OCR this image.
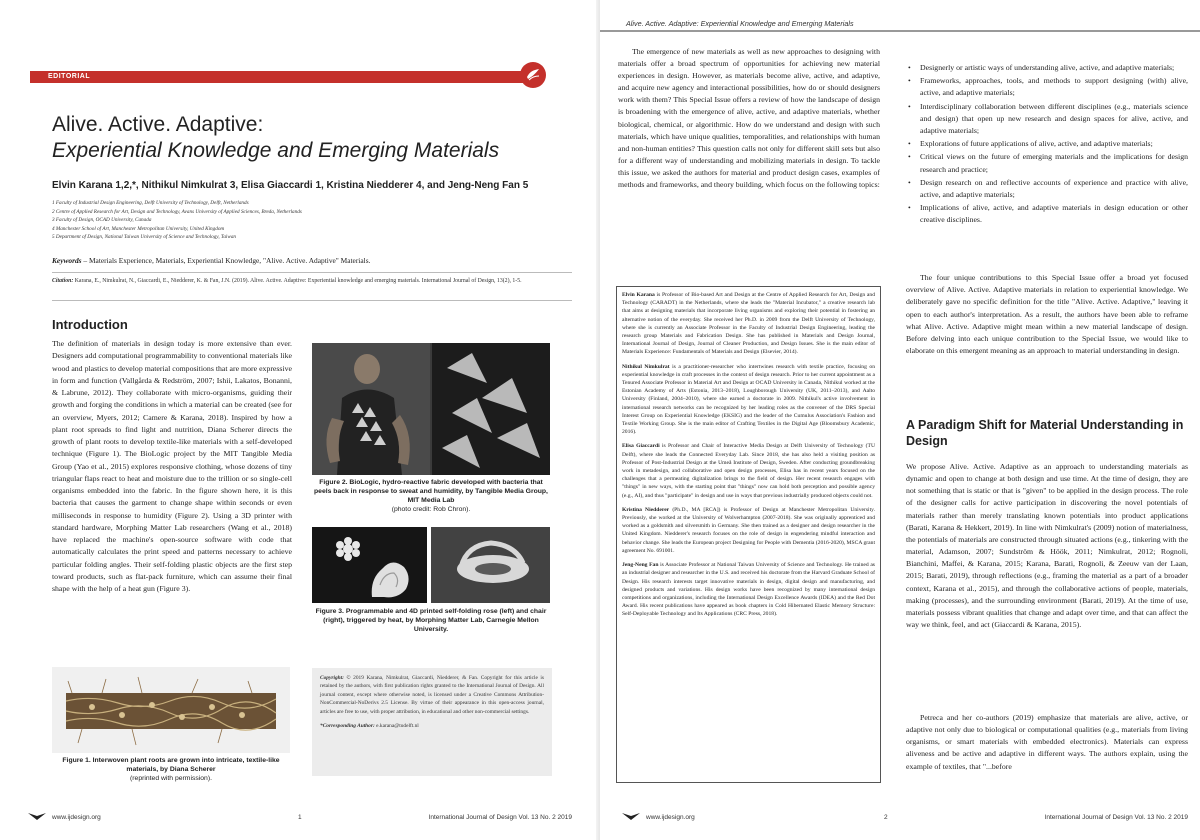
EDITORIAL
Alive. Active. Adaptive:
Experiential Knowledge and Emerging Materials
Elvin Karana 1,2,*, Nithikul Nimkulrat 3, Elisa Giaccardi 1, Kristina Niedderer 4, and Jeng-Neng Fan 5
1 Faculty of Industrial Design Engineering, Delft University of Technology, Delft, Netherlands
2 Centre of Applied Research for Art, Design and Technology, Avans University of Applied Sciences, Breda, Netherlands
3 Faculty of Design, OCAD University, Canada
4 Manchester School of Art, Manchester Metropolitan University, United Kingdom
5 Department of Design, National Taiwan University of Science and Technology, Taiwan
Keywords – Materials Experience, Materials, Experiential Knowledge, "Alive. Active. Adaptive" Materials.
Citation: Karana, E., Nimkulrat, N., Giaccardi, E., Niedderer, K. & Fan, J.N. (2019). Alive. Active. Adaptive: Experiential knowledge and emerging materials. International Journal of Design, 13(2), 1-5.
Introduction
The definition of materials in design today is more extensive than ever. Designers add computational programmability to conventional materials like wood and plastics to develop material compositions that are more expressive in form and function (Vallgårda & Redström, 2007; Ishii, Lakatos, Bonanni, & Labrune, 2012). They collaborate with micro-organisms, guiding their growth and forging the conditions in which a material can be created (see for an overview, Myers, 2012; Camere & Karana, 2018). Inspired by how a plant root spreads to find light and nutrition, Diana Scherer directs the growth of plant roots to develop textile-like materials with a self-developed technique (Figure 1). The BioLogic project by the MIT Tangible Media Group (Yao et al., 2015) explores responsive clothing, whose dozens of tiny triangular flaps react to heat and moisture due to the trillion or so single-cell organisms embedded into the fabric. In the figure shown here, it is this bacteria that causes the garment to change shape within seconds or even milliseconds in response to humidity (Figure 2). Using a 3D printer with standard hardware, Morphing Matter Lab researchers (Wang et al., 2018) have replaced the machine's open-source software with code that automatically calculates the print speed and patterns necessary to achieve particular folding angles. Their self-folding plastic objects are the first step toward products, such as flat-pack furniture, which can assume their final shape with the help of a heat gun (Figure 3).
Figure 2. BioLogic, hydro-reactive fabric developed with bacteria that peels back in response to sweat and humidity, by Tangible Media Group, MIT Media Lab
(photo credit: Rob Chron).
Figure 3. Programmable and 4D printed self-folding rose (left) and chair (right), triggered by heat, by Morphing Matter Lab, Carnegie Mellon University.
Figure 1. Interwoven plant roots are grown into intricate, textile-like materials, by Diana Scherer
(reprinted with permission).
Copyright: © 2019 Karana, Nimkulrat, Giaccardi, Niedderer, & Fan. Copyright for this article is retained by the authors, with first publication rights granted to the International Journal of Design. All journal content, except where otherwise noted, is licensed under a Creative Commons Attribution-NonCommercial-NoDerivs 2.5 License. By virtue of their appearance in this open-access journal, articles are free to use, with proper attribution, in educational and other non-commercial settings.
*Corresponding Author: e.karana@tudelft.nl
www.ijdesign.org	1	International Journal of Design Vol. 13 No. 2 2019
Alive. Active. Adaptive: Experiential Knowledge and Emerging Materials
The emergence of new materials as well as new approaches to designing with materials offer a broad spectrum of opportunities for achieving new material experiences in design. However, as materials become alive, active, and adaptive, and acquire new agency and interactional possibilities, how do or should designers work with them? This Special Issue offers a review of how the landscape of design is broadening with the emergence of alive, active, and adaptive materials, whether biological, chemical, or algorithmic. How do we understand and design with such materials, which have unique qualities, temporalities, and relationships with human and non-human entities? This question calls not only for different skill sets but also for a different way of understanding and mobilizing materials in design. To tackle this issue, we asked the authors for material and product design cases, examples of methods and frameworks, and theory building, which focus on the following topics:

Elvin Karana is Professor of Bio-based Art and Design at the Centre of Applied Research for Art, Design and Technology (CARADT) in the Netherlands, where she leads the "Material Incubator," a creative research lab that aims at designing materials that incorporate living organisms and exploring their potential in fostering an alternative notion of the everyday. She received her Ph.D. in 2009 from the Delft University of Technology, where she is currently an Associate Professor in the Faculty of Industrial Design Engineering, leading the research group Materials and Fabrication Design. She has published in Materials and Design Journal, International Journal of Design, Journal of Cleaner Production, and Design Issues. She is the main editor of Materials Experience: Fundamentals of Materials and Design (Elsevier, 2014).

Nithikul Nimkulrat is a practitioner-researcher who intertwines research with textile practice, focusing on experiential knowledge in craft processes in the context of design research. Prior to her current appointment as a Tenured Associate Professor in Material Art and Design at OCAD University in Canada, Nithikul worked at the Estonian Academy of Arts (Estonia, 2013–2018), Loughborough University (UK, 2011–2013), and Aalto University (Finland, 2004–2010), where she earned a doctorate in 2009. Nithikul's active involvement in international research networks can be recognized by her leading roles as the convener of the DRS Special Interest Group on Experiential Knowledge (EKSIG) and the leader of the Cumulus Association's Fashion and Textile Working Group. She is the main editor of Crafting Textiles in the Digital Age (Bloomsbury Academic, 2016).

Elisa Giaccardi is Professor and Chair of Interactive Media Design at Delft University of Technology (TU Delft), where she leads the Connected Everyday Lab. Since 2018, she has also held a visiting position as Professor of Post-Industrial Design at the Umeå Institute of Design, Sweden. After conducting groundbreaking work in metadesign, and collaborative and open design processes, Elisa has in recent years focused on the challenges that a permeating digitalization brings to the field of design. Her recent research engages with "things" in new ways, with the starting point that "things" now can hold both perception and possible agency (e.g., AI), and thus "participate" in design and use in ways that previous industrially produced objects could not.

Kristina Niedderer (Ph.D., MA [RCA]) is Professor of Design at Manchester Metropolitan University. Previously, she worked at the University of Wolverhampton (2007-2018). She was originally apprenticed and worked as a goldsmith and silversmith in Germany. She then trained as a designer and design researcher in the United Kingdom. Niedderer's research focuses on the role of design in engendering mindful interaction and behavior change. She leads the European project Designing for People with Dementia (2016-2020), MSCA grant agreement No. 691001.

Jeng-Neng Fan is Associate Professor at National Taiwan University of Science and Technology. He trained as an industrial designer and researcher in the U.S. and received his doctorate from the Harvard Graduate School of Design. His research interests target innovative materials in design, digital design and manufacturing, and designed products and variations. His design works have been recognized by many international design competitions and organizations, including the International Design Excellence Awards (IDEA) and the Red Dot Award. His recent publications have appeared as book chapters in Cold Hibernated Elastic Memory Structure: Self-Deployable Technology and Its Applications (CRC Press, 2018).

• Designerly or artistic ways of understanding alive, active, and adaptive materials;
• Frameworks, approaches, tools, and methods to support designing (with) alive, active, and adaptive materials;
• Interdisciplinary collaboration between different disciplines (e.g., materials science and design) that open up new research and design spaces for alive, active, and adaptive materials;
• Explorations of future applications of alive, active, and adaptive materials;
• Critical views on the future of emerging materials and the implications for design research and practice;
• Design research on and reflective accounts of experience and practice with alive, active, and adaptive materials;
• Implications of alive, active, and adaptive materials in design education or other creative disciplines.
The four unique contributions to this Special Issue offer a broad yet focused overview of Alive. Active. Adaptive materials in relation to experiential knowledge. We deliberately gave no specific definition for the title "Alive. Active. Adaptive," leaving it open to each author's interpretation. As a result, the authors have been able to reframe what Alive. Active. Adaptive might mean within a new material landscape of design. Before delving into each unique contribution to the Special Issue, we would like to elaborate on this emergent meaning as an approach to material understanding in design.
A Paradigm Shift for Material Understanding in Design
We propose Alive. Active. Adaptive as an approach to understanding materials as dynamic and open to change at both design and use time. At the time of design, they are not something that is static or that is "given" to be applied in the design process. The role of the designer calls for active participation in discovering the novel potentials of materials rather than merely translating known potentials into product applications (Barati, Karana & Hekkert, 2019). In line with Nimkulrat's (2009) notion of materialness, the potentials of materials are constructed through situated actions (e.g., tinkering with the material, Adamson, 2007; Sundström & Höök, 2011; Nimkulrat, 2012; Rognoli, Bianchini, Maffei, & Karana, 2015; Karana, Barati, Rognoli, & Zeeuw van der Laan, 2015; Barati, 2019), through reflections (e.g., framing the material as a part of a broader context, Karana et al., 2015), and through the collaborative actions of people, materials, making (processes), and the surrounding environment (Barati, 2019). At the time of use, materials possess vibrant qualities that change and adapt over time, and that can affect the way we think, feel, and act (Giaccardi & Karana, 2015).
Petreca and her co-authors (2019) emphasize that materials are alive, active, or adaptive not only due to biological or computational qualities (e.g., materials from living organisms, or smart materials with embedded electronics). Materials can express aliveness and be active and adaptive in different ways. The authors explain, using the example of textiles, that "...before
www.ijdesign.org	2	International Journal of Design Vol. 13 No. 2 2019
